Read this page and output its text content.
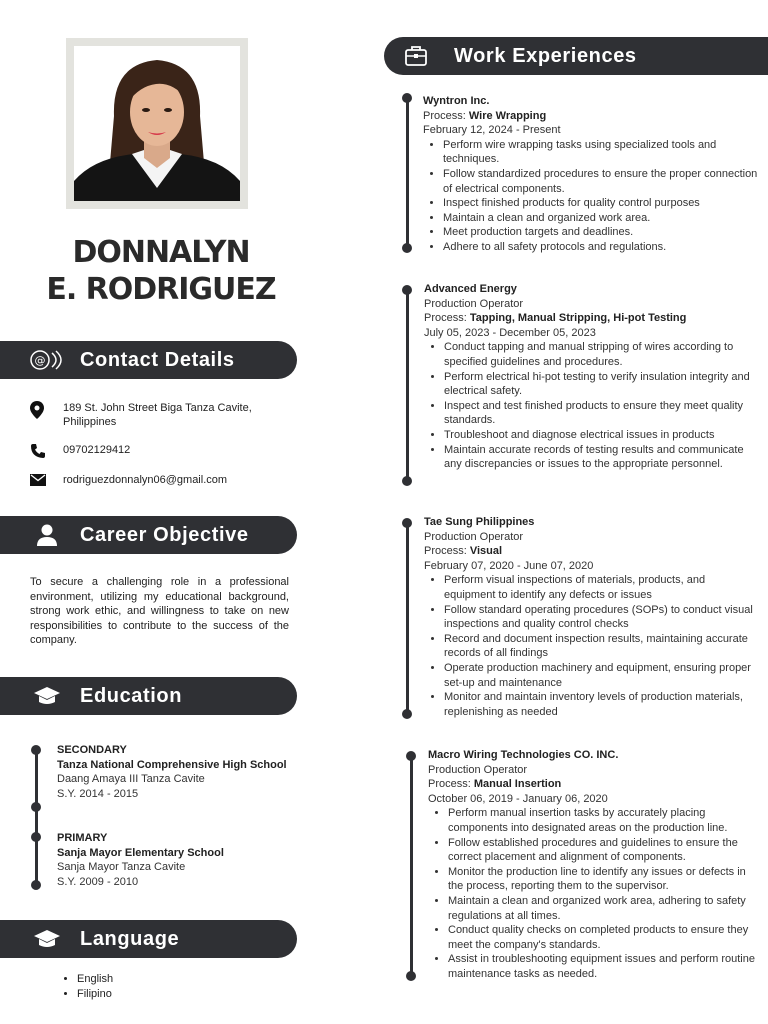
DONNALYN
E. RODRIGUEZ
@ Contact Details
189 St. John Street Biga Tanza Cavite, Philippines
09702129412
rodriguezdonnalyn06@gmail.com
Career Objective
To secure a challenging role in a professional environment, utilizing my educational background, strong work ethic, and willingness to take on new responsibilities to contribute to the success of the company.
Education
SECONDARY
Tanza National Comprehensive High School
Daang Amaya III Tanza Cavite
S.Y. 2014 - 2015
PRIMARY
Sanja Mayor Elementary School
Sanja Mayor Tanza Cavite
S.Y. 2009 - 2010
Language
• English
• Filipino
Work Experiences
Wyntron Inc.
Process: Wire Wrapping
February 12, 2024 - Present
• Perform wire wrapping tasks using specialized tools and techniques.
• Follow standardized procedures to ensure the proper connection of electrical components.
• Inspect finished products for quality control purposes
• Maintain a clean and organized work area.
• Meet production targets and deadlines.
• Adhere to all safety protocols and regulations.
Advanced Energy
Production Operator
Process: Tapping, Manual Stripping, Hi-pot Testing
July 05, 2023 - December 05, 2023
• Conduct tapping and manual stripping of wires according to specified guidelines and procedures.
• Perform electrical hi-pot testing to verify insulation integrity and electrical safety.
• Inspect and test finished products to ensure they meet quality standards.
• Troubleshoot and diagnose electrical issues in products
• Maintain accurate records of testing results and communicate any discrepancies or issues to the appropriate personnel.
Tae Sung Philippines
Production Operator
Process: Visual
February 07, 2020 - June 07, 2020
• Perform visual inspections of materials, products, and equipment to identify any defects or issues
• Follow standard operating procedures (SOPs) to conduct visual inspections and quality control checks
• Record and document inspection results, maintaining accurate records of all findings
• Operate production machinery and equipment, ensuring proper set-up and maintenance
• Monitor and maintain inventory levels of production materials, replenishing as needed
Macro Wiring Technologies CO. INC.
Production Operator
Process: Manual Insertion
October 06, 2019 - January 06, 2020
• Perform manual insertion tasks by accurately placing components into designated areas on the production line.
• Follow established procedures and guidelines to ensure the correct placement and alignment of components.
• Monitor the production line to identify any issues or defects in the process, reporting them to the supervisor.
• Maintain a clean and organized work area, adhering to safety regulations at all times.
• Conduct quality checks on completed products to ensure they meet the company's standards.
• Assist in troubleshooting equipment issues and perform routine maintenance tasks as needed.
